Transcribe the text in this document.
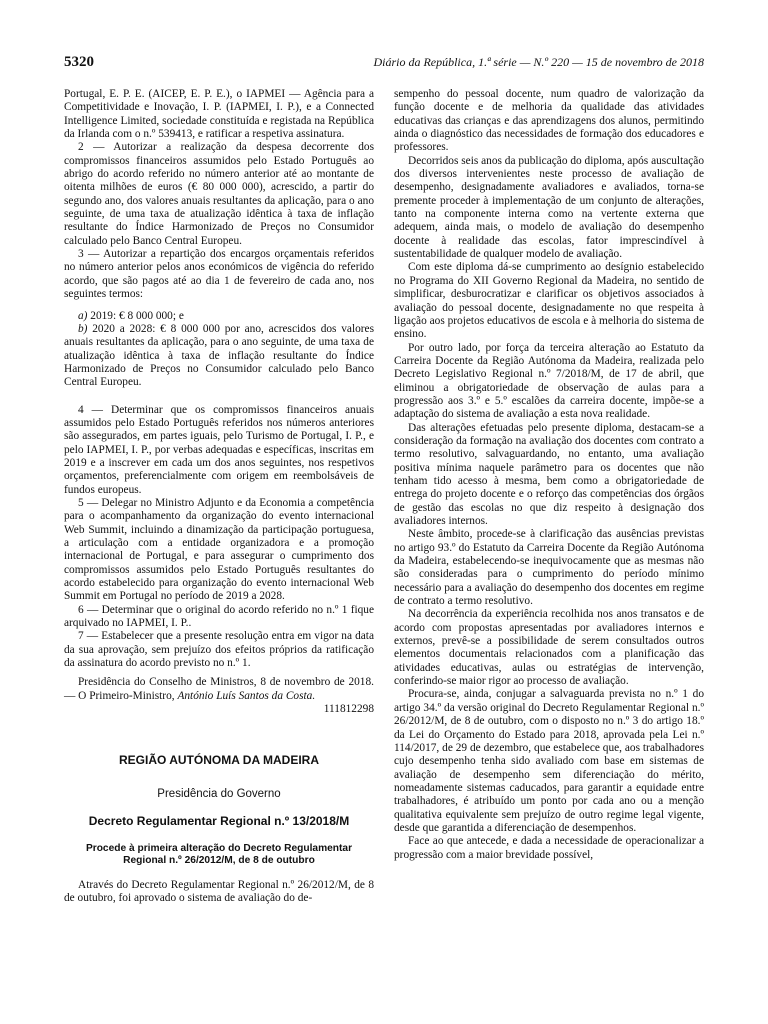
5320	Diário da República, 1.ª série — N.º 220 — 15 de novembro de 2018

Portugal, E. P. E. (AICEP, E. P. E.), o IAPMEI — Agência para a Competitividade e Inovação, I. P. (IAPMEI, I. P.), e a Connected Intelligence Limited, sociedade constituída e registada na República da Irlanda com o n.º 539413, e ratificar a respetiva assinatura.

2 — Autorizar a realização da despesa decorrente dos compromissos financeiros assumidos pelo Estado Português ao abrigo do acordo referido no número anterior até ao montante de oitenta milhões de euros (€ 80 000 000), acrescido, a partir do segundo ano, dos valores anuais resultantes da aplicação, para o ano seguinte, de uma taxa de atualização idêntica à taxa de inflação resultante do Índice Harmonizado de Preços no Consumidor calculado pelo Banco Central Europeu.

3 — Autorizar a repartição dos encargos orçamentais referidos no número anterior pelos anos económicos de vigência do referido acordo, que são pagos até ao dia 1 de fevereiro de cada ano, nos seguintes termos:

a) 2019: € 8 000 000; e

b) 2020 a 2028: € 8 000 000 por ano, acrescidos dos valores anuais resultantes da aplicação, para o ano seguinte, de uma taxa de atualização idêntica à taxa de inflação resultante do Índice Harmonizado de Preços no Consumidor calculado pelo Banco Central Europeu.

4 — Determinar que os compromissos financeiros anuais assumidos pelo Estado Português referidos nos números anteriores são assegurados, em partes iguais, pelo Turismo de Portugal, I. P., e pelo IAPMEI, I. P., por verbas adequadas e específicas, inscritas em 2019 e a inscrever em cada um dos anos seguintes, nos respetivos orçamentos, preferencialmente com origem em reembolsáveis de fundos europeus.

5 — Delegar no Ministro Adjunto e da Economia a competência para o acompanhamento da organização do evento internacional Web Summit, incluindo a dinamização da participação portuguesa, a articulação com a entidade organizadora e a promoção internacional de Portugal, e para assegurar o cumprimento dos compromissos assumidos pelo Estado Português resultantes do acordo estabelecido para organização do evento internacional Web Summit em Portugal no período de 2019 a 2028.

6 — Determinar que o original do acordo referido no n.º 1 fique arquivado no IAPMEI, I. P..

7 — Estabelecer que a presente resolução entra em vigor na data da sua aprovação, sem prejuízo dos efeitos próprios da ratificação da assinatura do acordo previsto no n.º 1.

Presidência do Conselho de Ministros, 8 de novembro de 2018. — O Primeiro-Ministro, António Luís Santos da Costa.

111812298

REGIÃO AUTÓNOMA DA MADEIRA
Presidência do Governo
Decreto Regulamentar Regional n.º 13/2018/M
Procede à primeira alteração do Decreto Regulamentar Regional n.º 26/2012/M, de 8 de outubro

Através do Decreto Regulamentar Regional n.º 26/2012/M, de 8 de outubro, foi aprovado o sistema de avaliação do de-

sempenho do pessoal docente, num quadro de valorização da função docente e de melhoria da qualidade das atividades educativas das crianças e das aprendizagens dos alunos, permitindo ainda o diagnóstico das necessidades de formação dos educadores e professores.

Decorridos seis anos da publicação do diploma, após auscultação dos diversos intervenientes neste processo de avaliação de desempenho, designadamente avaliadores e avaliados, torna-se premente proceder à implementação de um conjunto de alterações, tanto na componente interna como na vertente externa que adequem, ainda mais, o modelo de avaliação do desempenho docente à realidade das escolas, fator imprescindível à sustentabilidade de qualquer modelo de avaliação.

Com este diploma dá-se cumprimento ao desígnio estabelecido no Programa do XII Governo Regional da Madeira, no sentido de simplificar, desburocratizar e clarificar os objetivos associados à avaliação do pessoal docente, designadamente no que respeita à ligação aos projetos educativos de escola e à melhoria do sistema de ensino.

Por outro lado, por força da terceira alteração ao Estatuto da Carreira Docente da Região Autónoma da Madeira, realizada pelo Decreto Legislativo Regional n.º 7/2018/M, de 17 de abril, que eliminou a obrigatoriedade de observação de aulas para a progressão aos 3.º e 5.º escalões da carreira docente, impõe-se a adaptação do sistema de avaliação a esta nova realidade.

Das alterações efetuadas pelo presente diploma, destacam-se a consideração da formação na avaliação dos docentes com contrato a termo resolutivo, salvaguardando, no entanto, uma avaliação positiva mínima naquele parâmetro para os docentes que não tenham tido acesso à mesma, bem como a obrigatoriedade de entrega do projeto docente e o reforço das competências dos órgãos de gestão das escolas no que diz respeito à designação dos avaliadores internos.

Neste âmbito, procede-se à clarificação das ausências previstas no artigo 93.º do Estatuto da Carreira Docente da Região Autónoma da Madeira, estabelecendo-se inequivocamente que as mesmas não são consideradas para o cumprimento do período mínimo necessário para a avaliação do desempenho dos docentes em regime de contrato a termo resolutivo.

Na decorrência da experiência recolhida nos anos transatos e de acordo com propostas apresentadas por avaliadores internos e externos, prevê-se a possibilidade de serem consultados outros elementos documentais relacionados com a planificação das atividades educativas, aulas ou estratégias de intervenção, conferindo-se maior rigor ao processo de avaliação.

Procura-se, ainda, conjugar a salvaguarda prevista no n.º 1 do artigo 34.º da versão original do Decreto Regulamentar Regional n.º 26/2012/M, de 8 de outubro, com o disposto no n.º 3 do artigo 18.º da Lei do Orçamento do Estado para 2018, aprovada pela Lei n.º 114/2017, de 29 de dezembro, que estabelece que, aos trabalhadores cujo desempenho tenha sido avaliado com base em sistemas de avaliação de desempenho sem diferenciação do mérito, nomeadamente sistemas caducados, para garantir a equidade entre trabalhadores, é atribuído um ponto por cada ano ou a menção qualitativa equivalente sem prejuízo de outro regime legal vigente, desde que garantida a diferenciação de desempenhos.

Face ao que antecede, e dada a necessidade de operacionalizar a progressão com a maior brevidade possível,
